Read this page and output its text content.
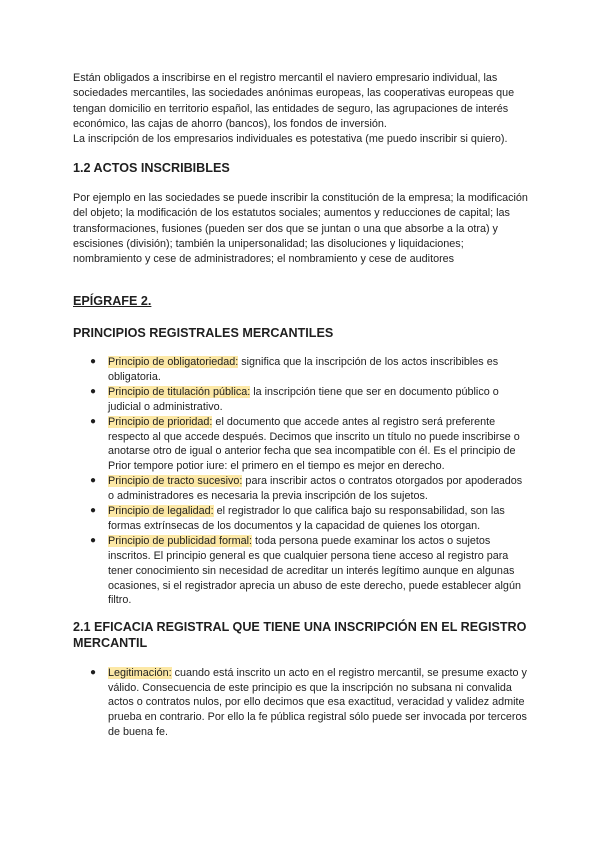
Están obligados a inscribirse en el registro mercantil el naviero empresario individual, las sociedades mercantiles, las sociedades anónimas europeas, las cooperativas europeas que tengan domicilio en territorio español, las entidades de seguro, las agrupaciones de interés económico, las cajas de ahorro (bancos), los fondos de inversión.
La inscripción de los empresarios individuales es potestativa (me puedo inscribir si quiero).

1.2 ACTOS INSCRIBIBLES

Por ejemplo en las sociedades se puede inscribir la constitución de la empresa; la modificación del objeto; la modificación de los estatutos sociales; aumentos y reducciones de capital; las transformaciones, fusiones (pueden ser dos que se juntan o una que absorbe a la otra) y escisiones (división); también la unipersonalidad; las disoluciones y liquidaciones; nombramiento y cese de administradores; el nombramiento y cese de auditores

EPÍGRAFE 2.

PRINCIPIOS REGISTRALES MERCANTILES

● Principio de obligatoriedad: significa que la inscripción de los actos inscribibles es obligatoria.
● Principio de titulación pública: la inscripción tiene que ser en documento público o judicial o administrativo.
● Principio de prioridad: el documento que accede antes al registro será preferente respecto al que accede después. Decimos que inscrito un título no puede inscribirse o anotarse otro de igual o anterior fecha que sea incompatible con él. Es el principio de Prior tempore potior iure: el primero en el tiempo es mejor en derecho.
● Principio de tracto sucesivo: para inscribir actos o contratos otorgados por apoderados o administradores es necesaria la previa inscripción de los sujetos.
● Principio de legalidad: el registrador lo que califica bajo su responsabilidad, son las formas extrínsecas de los documentos y la capacidad de quienes los otorgan.
● Principio de publicidad formal: toda persona puede examinar los actos o sujetos inscritos. El principio general es que cualquier persona tiene acceso al registro para tener conocimiento sin necesidad de acreditar un interés legítimo aunque en algunas ocasiones, si el registrador aprecia un abuso de este derecho, puede establecer algún filtro.

2.1 EFICACIA REGISTRAL QUE TIENE UNA INSCRIPCIÓN EN EL REGISTRO MERCANTIL

● Legitimación: cuando está inscrito un acto en el registro mercantil, se presume exacto y válido. Consecuencia de este principio es que la inscripción no subsana ni convalida actos o contratos nulos, por ello decimos que esa exactitud, veracidad y validez admite prueba en contrario. Por ello la fe pública registral sólo puede ser invocada por terceros de buena fe.
